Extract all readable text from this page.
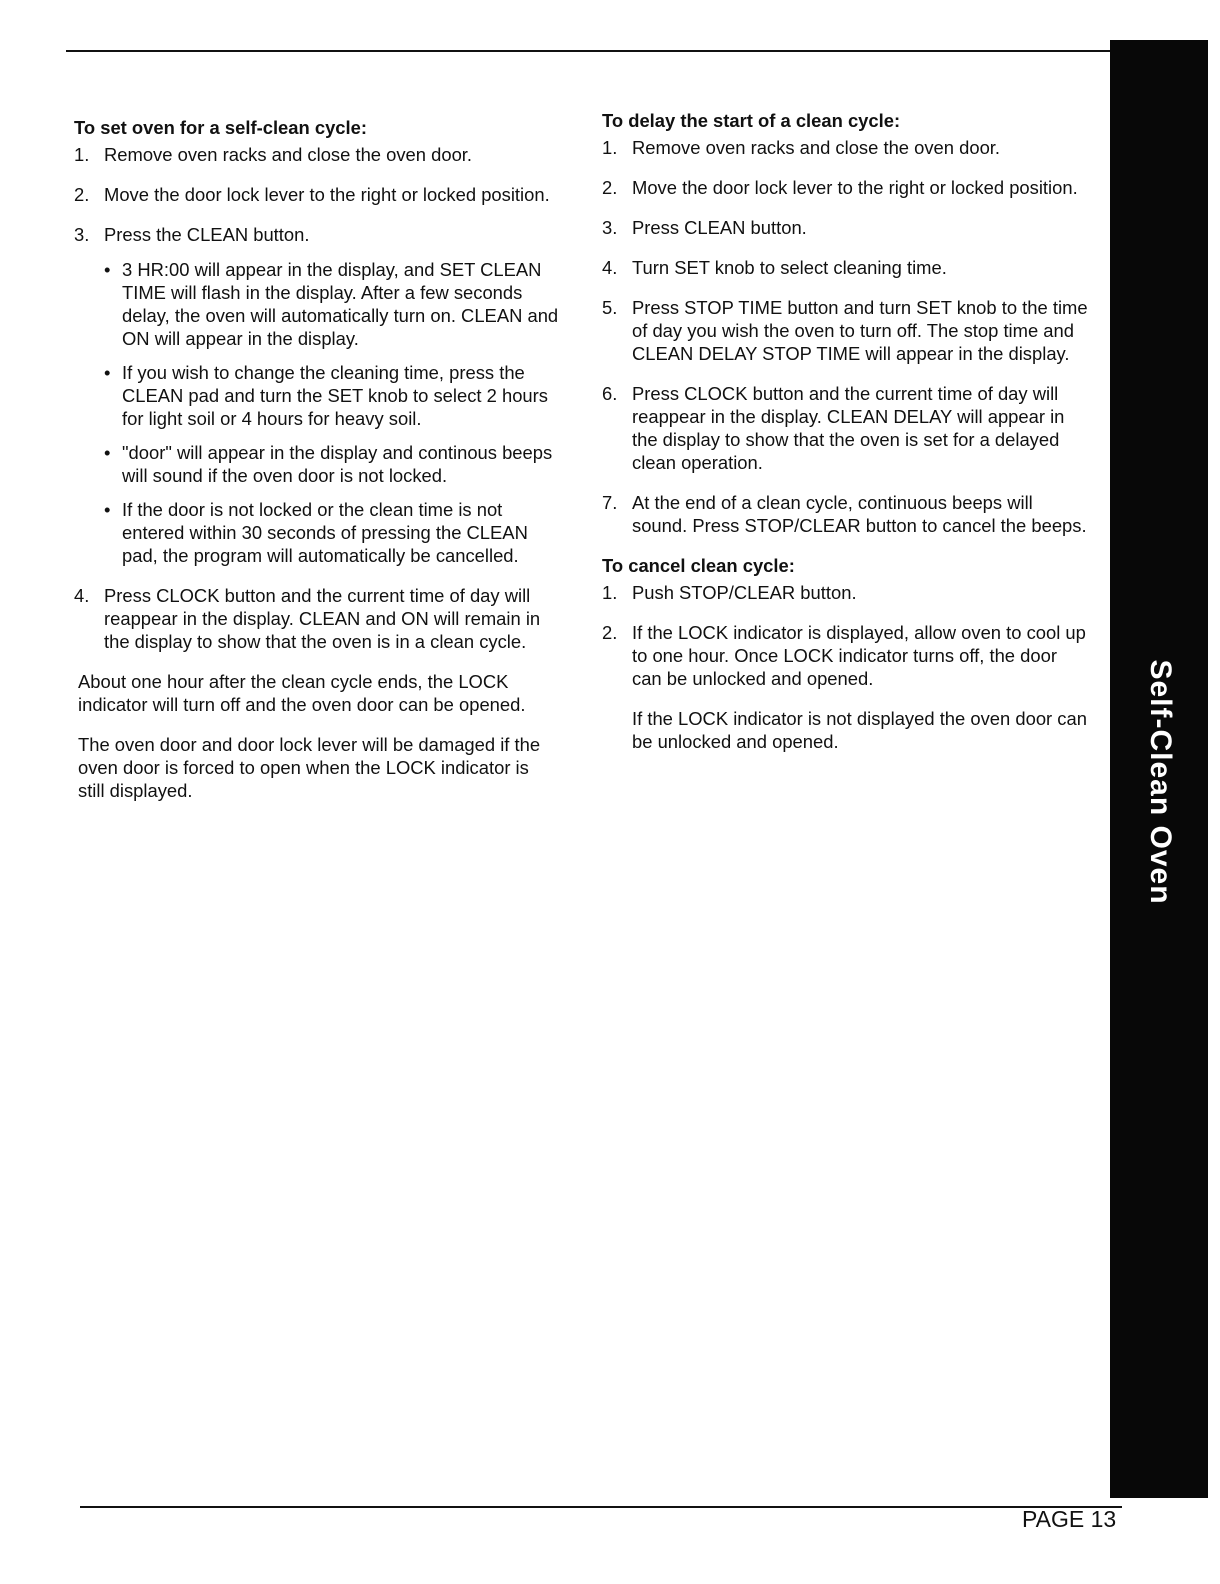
Self-Clean Oven
To set oven for a self-clean cycle:
1. Remove oven racks and close the oven door.
2. Move the door lock lever to the right or locked position.
3. Press the CLEAN button.
• 3 HR:00 will appear in the display, and SET CLEAN TIME will flash in the display. After a few seconds delay, the oven will automatically turn on. CLEAN and ON will appear in the display.
• If you wish to change the cleaning time, press the CLEAN pad and turn the SET knob to select 2 hours for light soil or 4 hours for heavy soil.
• "door" will appear in the display and continous beeps will sound if the oven door is not locked.
• If the door is not locked or the clean time is not entered within 30 seconds of pressing the CLEAN pad, the program will automatically be cancelled.
4. Press CLOCK button and the current time of day will reappear in the display. CLEAN and ON will remain in the display to show that the oven is in a clean cycle.

About one hour after the clean cycle ends, the LOCK indicator will turn off and the oven door can be opened.

The oven door and door lock lever will be damaged if the oven door is forced to open when the LOCK indicator is still displayed.

To delay the start of a clean cycle:
1. Remove oven racks and close the oven door.
2. Move the door lock lever to the right or locked position.
3. Press CLEAN button.
4. Turn SET knob to select cleaning time.
5. Press STOP TIME button and turn SET knob to the time of day you wish the oven to turn off. The stop time and CLEAN DELAY STOP TIME will appear in the display.
6. Press CLOCK button and the current time of day will reappear in the display. CLEAN DELAY will appear in the display to show that the oven is set for a delayed clean operation.
7. At the end of a clean cycle, continuous beeps will sound. Press STOP/CLEAR button to cancel the beeps.
To cancel clean cycle:
1. Push STOP/CLEAR button.
2. If the LOCK indicator is displayed, allow oven to cool up to one hour. Once LOCK indicator turns off, the door can be unlocked and opened.

If the LOCK indicator is not displayed the oven door can be unlocked and opened.

PAGE 13
